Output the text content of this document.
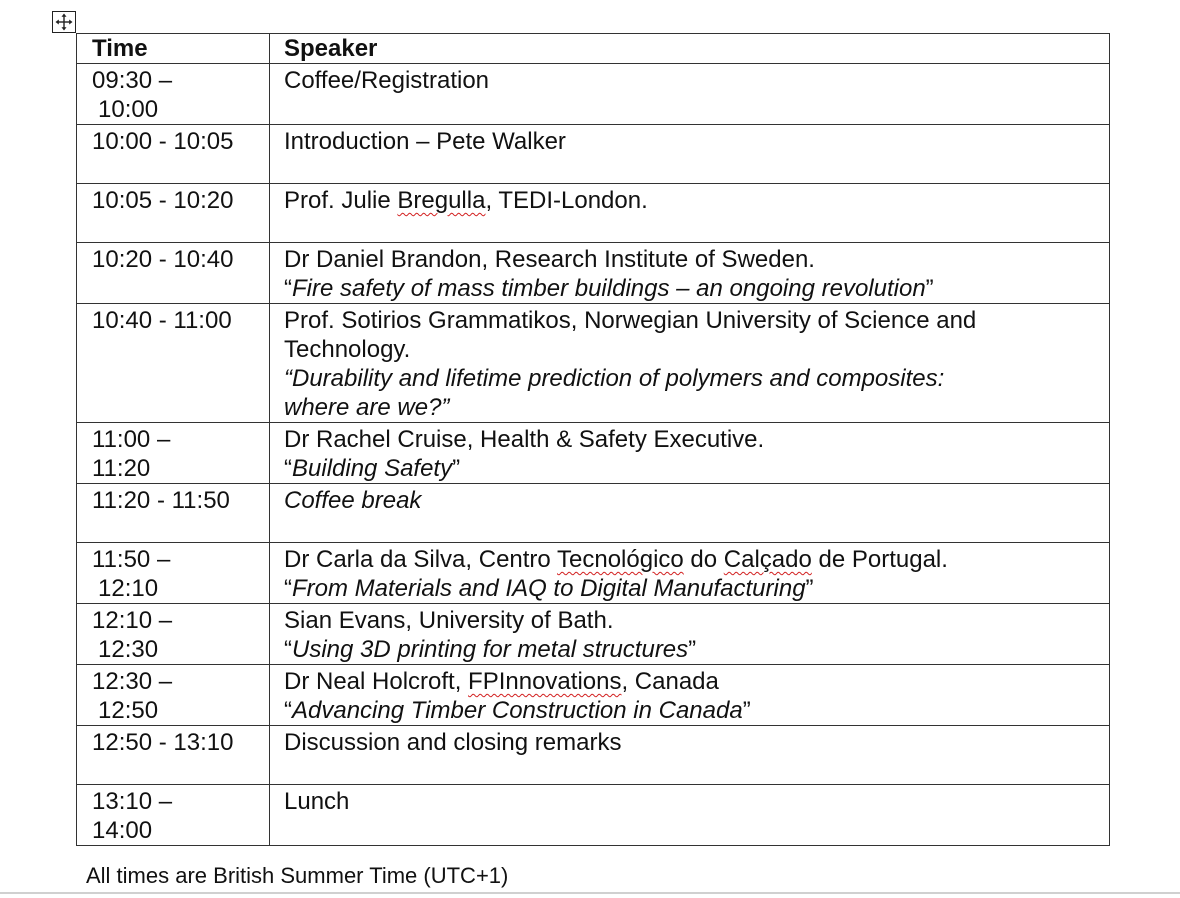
Time	Speaker

09:30 –
10:00	Coffee/Registration

10:00 - 10:05	Introduction – Pete Walker

10:05 - 10:20	Prof. Julie Bregulla, TEDI-London.

10:20 - 10:40	Dr Daniel Brandon, Research Institute of Sweden.
“Fire safety of mass timber buildings – an ongoing revolution”

10:40 - 11:00	Prof. Sotirios Grammatikos, Norwegian University of Science and
Technology.
“Durability and lifetime prediction of polymers and composites:
where are we?”

11:00 –
11:20	Dr Rachel Cruise, Health & Safety Executive.
“Building Safety”

11:20 - 11:50	Coffee break

11:50 –
12:10	Dr Carla da Silva, Centro Tecnológico do Calçado de Portugal.
“From Materials and IAQ to Digital Manufacturing”

12:10 –
12:30	Sian Evans, University of Bath.
“Using 3D printing for metal structures”

12:30 –
12:50	Dr Neal Holcroft, FPInnovations, Canada
“Advancing Timber Construction in Canada”

12:50 - 13:10	Discussion and closing remarks

13:10 –
14:00	Lunch
All times are British Summer Time (UTC+1)
